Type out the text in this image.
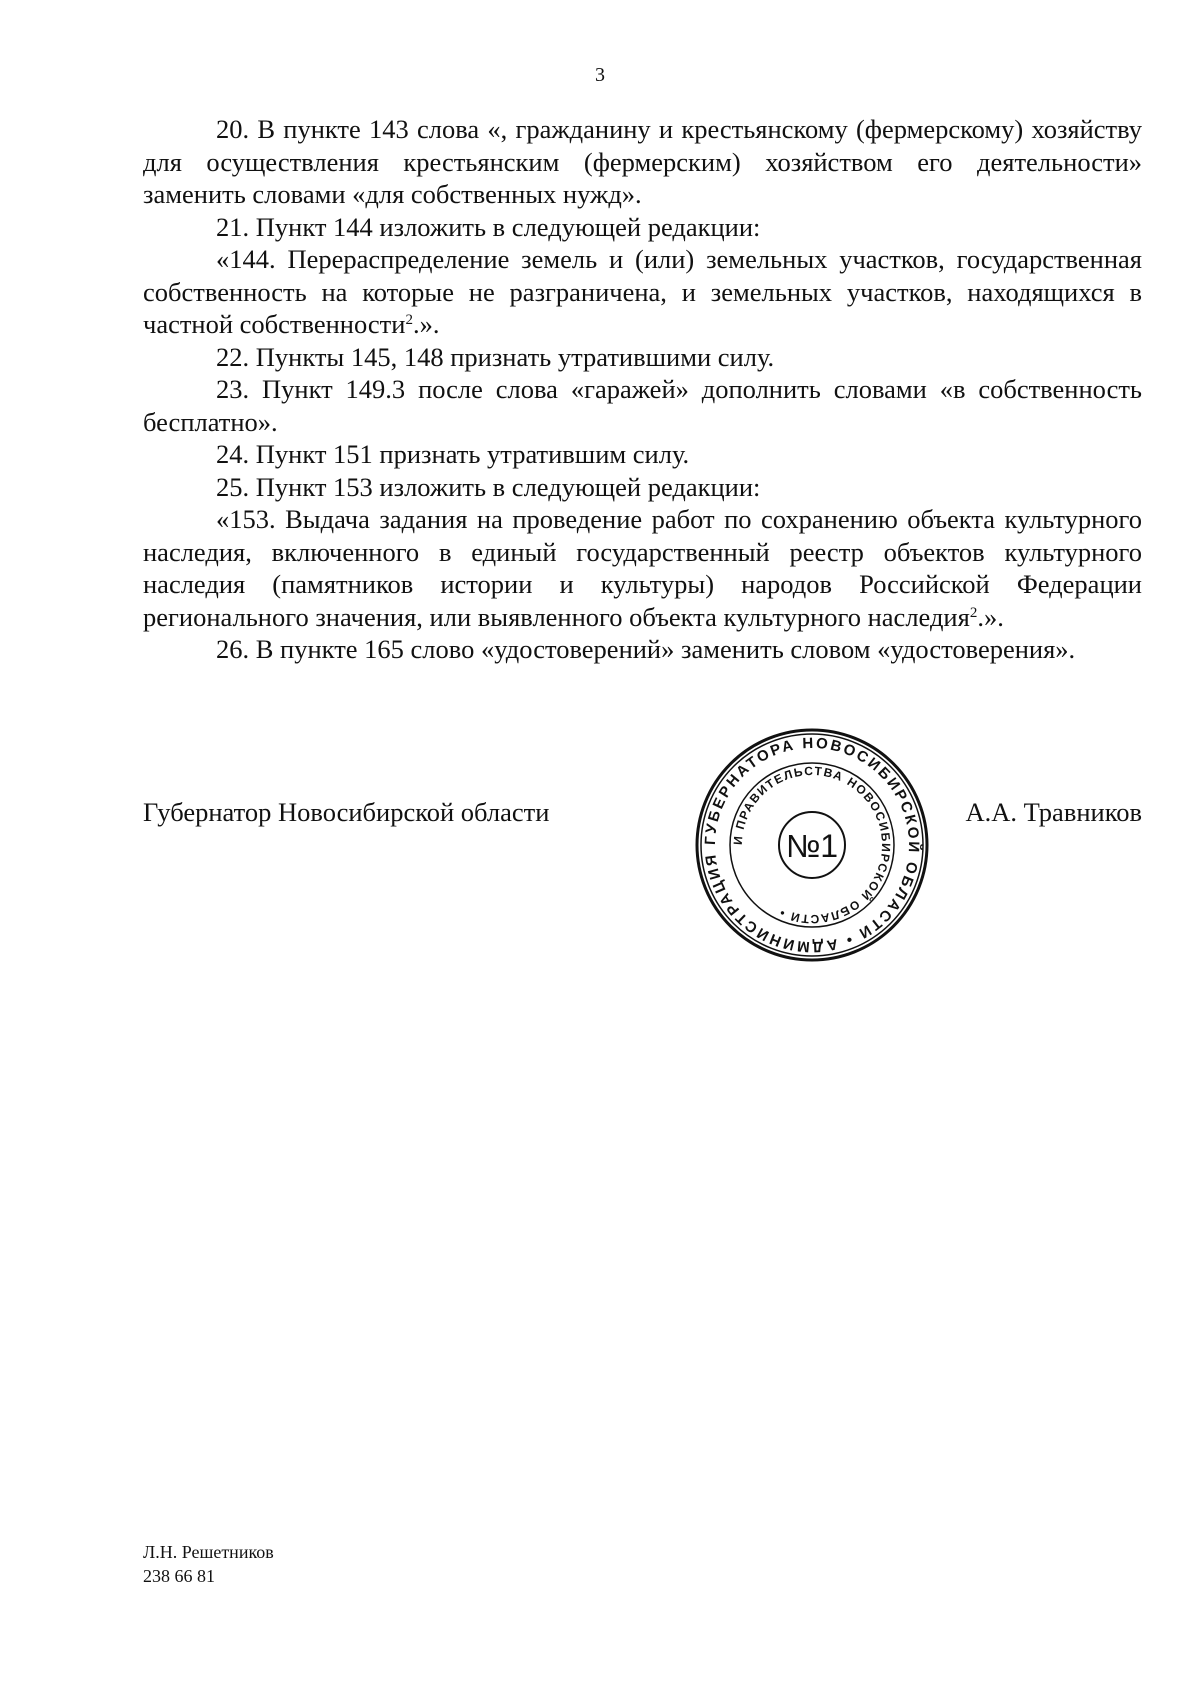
3

20. В пункте 143 слова «, гражданину и крестьянскому (фермерскому) хозяйству для осуществления крестьянским (фермерским) хозяйством его деятельности» заменить словами «для собственных нужд».

21. Пункт 144 изложить в следующей редакции:

«144. Перераспределение земель и (или) земельных участков, государственная собственность на которые не разграничена, и земельных участков, находящихся в частной собственности$^2$.».

22. Пункты 145, 148 признать утратившими силу.

23. Пункт 149.3 после слова «гаражей» дополнить словами «в собственность бесплатно».

24. Пункт 151 признать утратившим силу.

25. Пункт 153 изложить в следующей редакции:

«153. Выдача задания на проведение работ по сохранению объекта культурного наследия, включенного в единый государственный реестр объектов культурного наследия (памятников истории и культуры) народов Российской Федерации регионального значения, или выявленного объекта культурного наследия$^2$.».

26. В пункте 165 слово «удостоверений» заменить словом «удостоверения».

Губернатор Новосибирской области	А.А. Травников
ГУБЕРНАТОРА НОВОСИБИРСКОЙ ОБЛАСТИ • АДМИНИСТРАЦИЯ
И ПРАВИТЕЛЬСТВА НОВОСИБИРСКОЙ ОБЛАСТИ •
№1
Л.Н. Решетников
238 66 81
